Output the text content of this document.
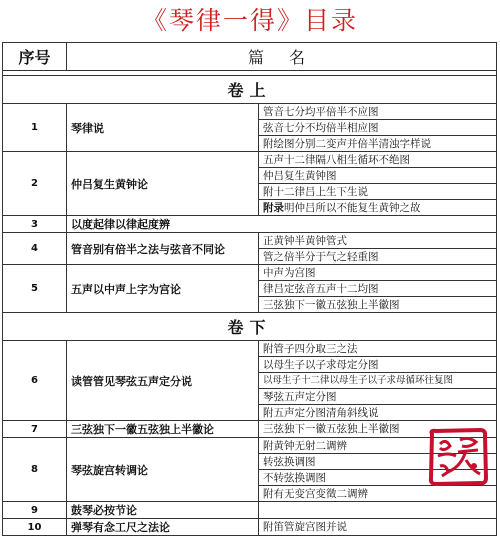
《琴律一得》目录
序号	篇 名	

卷上		
1	琴律说	管音七分均平倍半不应图
		弦音七分不均倍半相应图
		附绘图分别二变声并倍半清浊字样说
2	仲吕复生黄钟论	五声十二律隔八相生循环不绝图
		仲吕复生黄钟图
		附十二律吕上生下生说
		附录明仲吕所以不能复生黄钟之故
3	以度起律以律起度辨	
4	管音别有倍半之法与弦音不同论	正黄钟半黄钟管式
		管之倍半分于气之轻重图
5	五声以中声上字为宫论	中声为宫图
		律吕定弦音五声十二均图
		三弦独下一徽五弦独上半徽图
卷下		
6	读管管见琴弦五声定分说	附管子四分取三之法
		以母生子以子求母定分图
		以母生子十二律以母生子以子求母循环往复图
		琴弦五声定分图
		附五声定分图清角斜线说
7	三弦独下一徽五弦独上半徽论	三弦独下一徽五弦独上半徽图
8	琴弦旋宫转调论	附黄钟无射二调辨
		转弦换调图
		不转弦换调图
		附有无变宫变徵二调辨
9	鼓琴必按节论	
10	弹琴有念工尺之法论	附笛管旋宫图并说
